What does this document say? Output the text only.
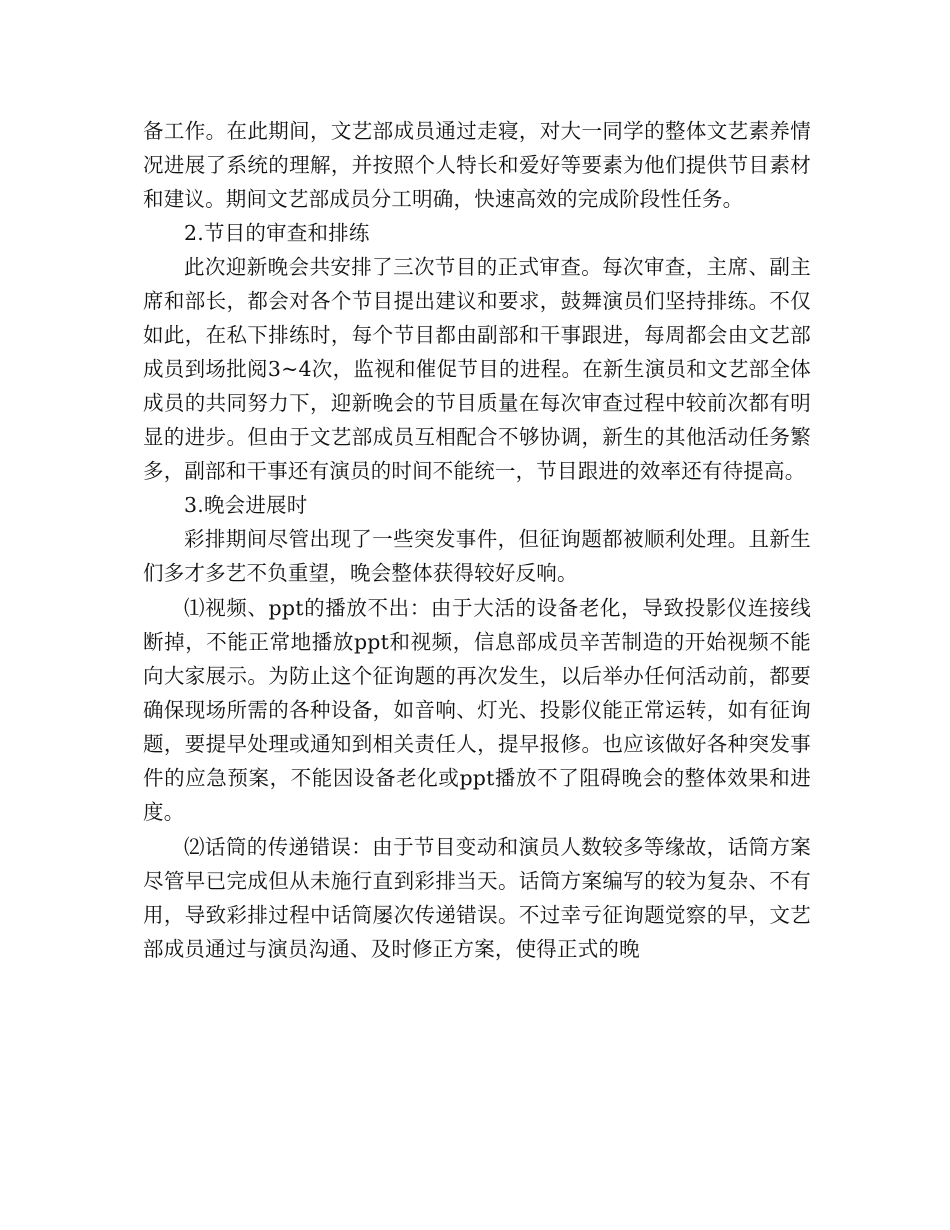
备工作。在此期间，文艺部成员通过走寝，对大一同学的整体文艺素养情况进展了系统的理解，并按照个人特长和爱好等要素为他们提供节目素材和建议。期间文艺部成员分工明确，快速高效的完成阶段性任务。

2.节目的审查和排练

此次迎新晚会共安排了三次节目的正式审查。每次审查，主席、副主席和部长，都会对各个节目提出建议和要求，鼓舞演员们坚持排练。不仅如此，在私下排练时，每个节目都由副部和干事跟进，每周都会由文艺部成员到场批阅3~4次，监视和催促节目的进程。在新生演员和文艺部全体成员的共同努力下，迎新晚会的节目质量在每次审查过程中较前次都有明显的进步。但由于文艺部成员互相配合不够协调，新生的其他活动任务繁多，副部和干事还有演员的时间不能统一，节目跟进的效率还有待提高。

3.晚会进展时

彩排期间尽管出现了一些突发事件，但征询题都被顺利处理。且新生们多才多艺不负重望，晚会整体获得较好反响。

⑴视频、ppt的播放不出：由于大活的设备老化，导致投影仪连接线断掉，不能正常地播放ppt和视频，信息部成员辛苦制造的开始视频不能向大家展示。为防止这个征询题的再次发生，以后举办任何活动前，都要确保现场所需的各种设备，如音响、灯光、投影仪能正常运转，如有征询题，要提早处理或通知到相关责任人，提早报修。也应该做好各种突发事件的应急预案，不能因设备老化或ppt播放不了阻碍晚会的整体效果和进度。

⑵话筒的传递错误：由于节目变动和演员人数较多等缘故，话筒方案尽管早已完成但从未施行直到彩排当天。话筒方案编写的较为复杂、不有用，导致彩排过程中话筒屡次传递错误。不过幸亏征询题觉察的早，文艺部成员通过与演员沟通、及时修正方案，使得正式的晚
